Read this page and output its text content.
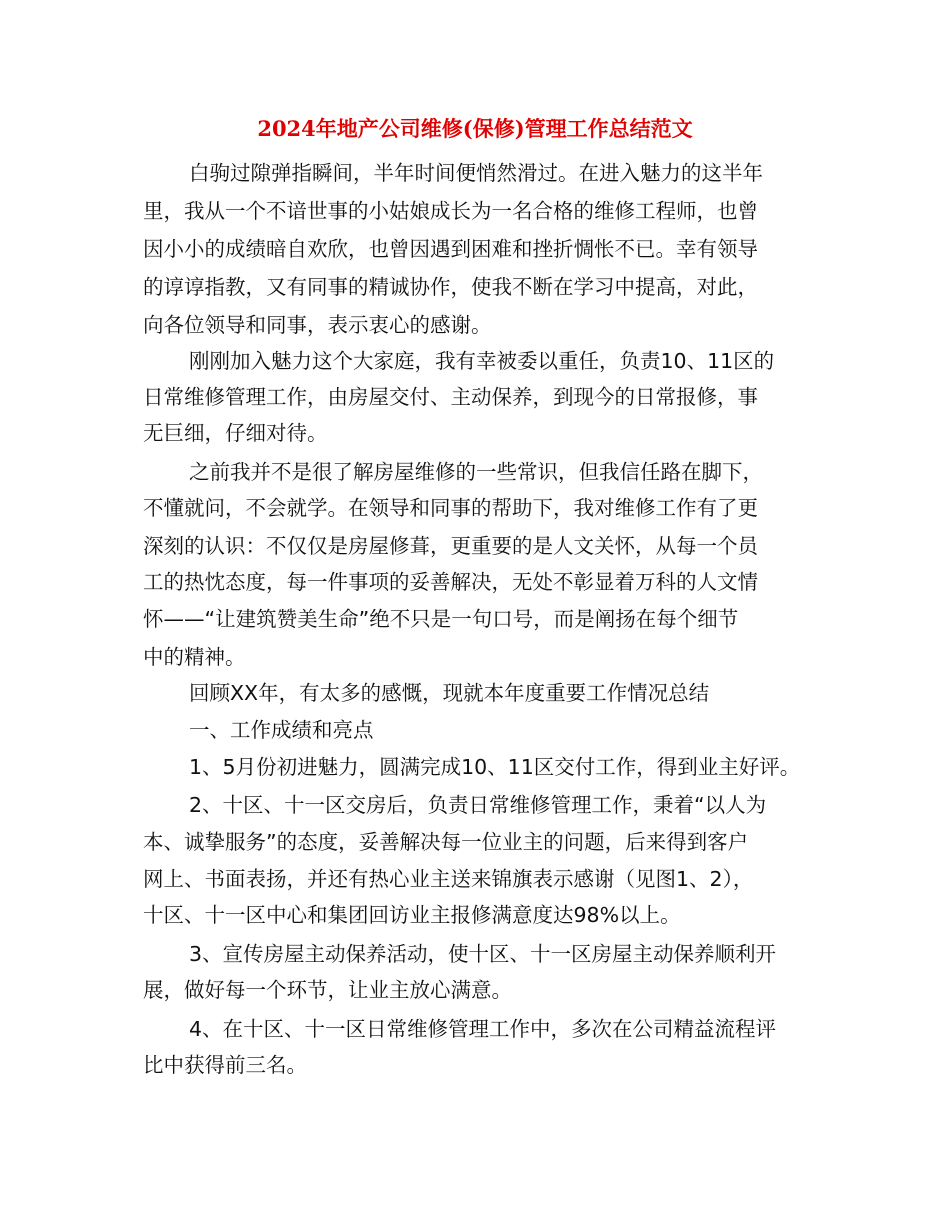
2024年地产公司维修(保修)管理工作总结范文
白驹过隙弹指瞬间，半年时间便悄然滑过。在进入魅力的这半年
里，我从一个不谙世事的小姑娘成长为一名合格的维修工程师，也曾
因小小的成绩暗自欢欣，也曾因遇到困难和挫折惆怅不已。幸有领导
的谆谆指教，又有同事的精诚协作，使我不断在学习中提高，对此，
向各位领导和同事，表示衷心的感谢。
刚刚加入魅力这个大家庭，我有幸被委以重任，负责10、11区的
日常维修管理工作，由房屋交付、主动保养，到现今的日常报修，事
无巨细，仔细对待。
之前我并不是很了解房屋维修的一些常识，但我信任路在脚下，
不懂就问，不会就学。在领导和同事的帮助下，我对维修工作有了更
深刻的认识：不仅仅是房屋修葺，更重要的是人文关怀，从每一个员
工的热忱态度，每一件事项的妥善解决，无处不彰显着万科的人文情
怀——“让建筑赞美生命”绝不只是一句口号，而是阐扬在每个细节
中的精神。
回顾XX年，有太多的感慨，现就本年度重要工作情况总结
一、工作成绩和亮点
1、5月份初进魅力，圆满完成10、11区交付工作，得到业主好评。
2、十区、十一区交房后，负责日常维修管理工作，秉着“以人为
本、诚挚服务”的态度，妥善解决每一位业主的问题，后来得到客户
网上、书面表扬，并还有热心业主送来锦旗表示感谢（见图1、2），
十区、十一区中心和集团回访业主报修满意度达98%以上。
3、宣传房屋主动保养活动，使十区、十一区房屋主动保养顺利开
展，做好每一个环节，让业主放心满意。
4、在十区、十一区日常维修管理工作中，多次在公司精益流程评
比中获得前三名。
